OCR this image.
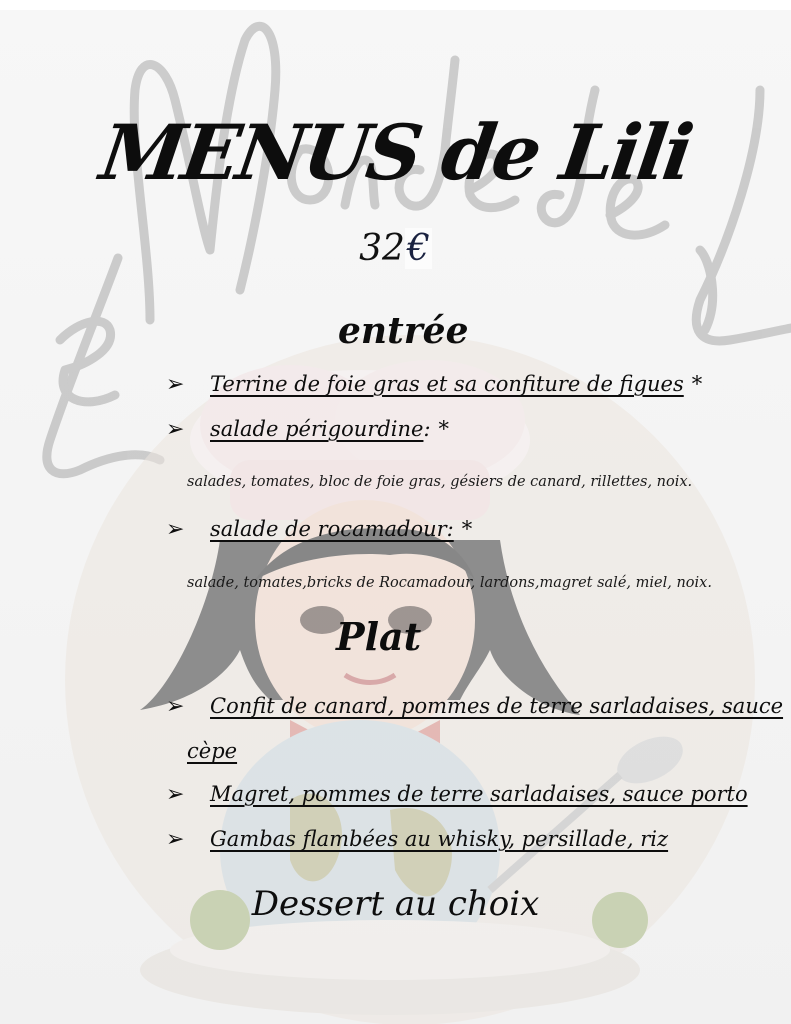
MENUS de Lili
32€
entrée
➢ Terrine de foie gras et sa confiture de figues *
➢ salade périgourdine: *
salades, tomates, bloc de foie gras, gésiers de canard, rillettes, noix.
➢ salade de rocamadour: *
salade, tomates,bricks de Rocamadour, lardons,magret salé, miel, noix.
Plat
➢ Confit de canard, pommes de terre sarladaises, sauce
cèpe
➢ Magret, pommes de terre sarladaises, sauce porto
➢ Gambas flambées au whisky, persillade, riz
Dessert au choix
